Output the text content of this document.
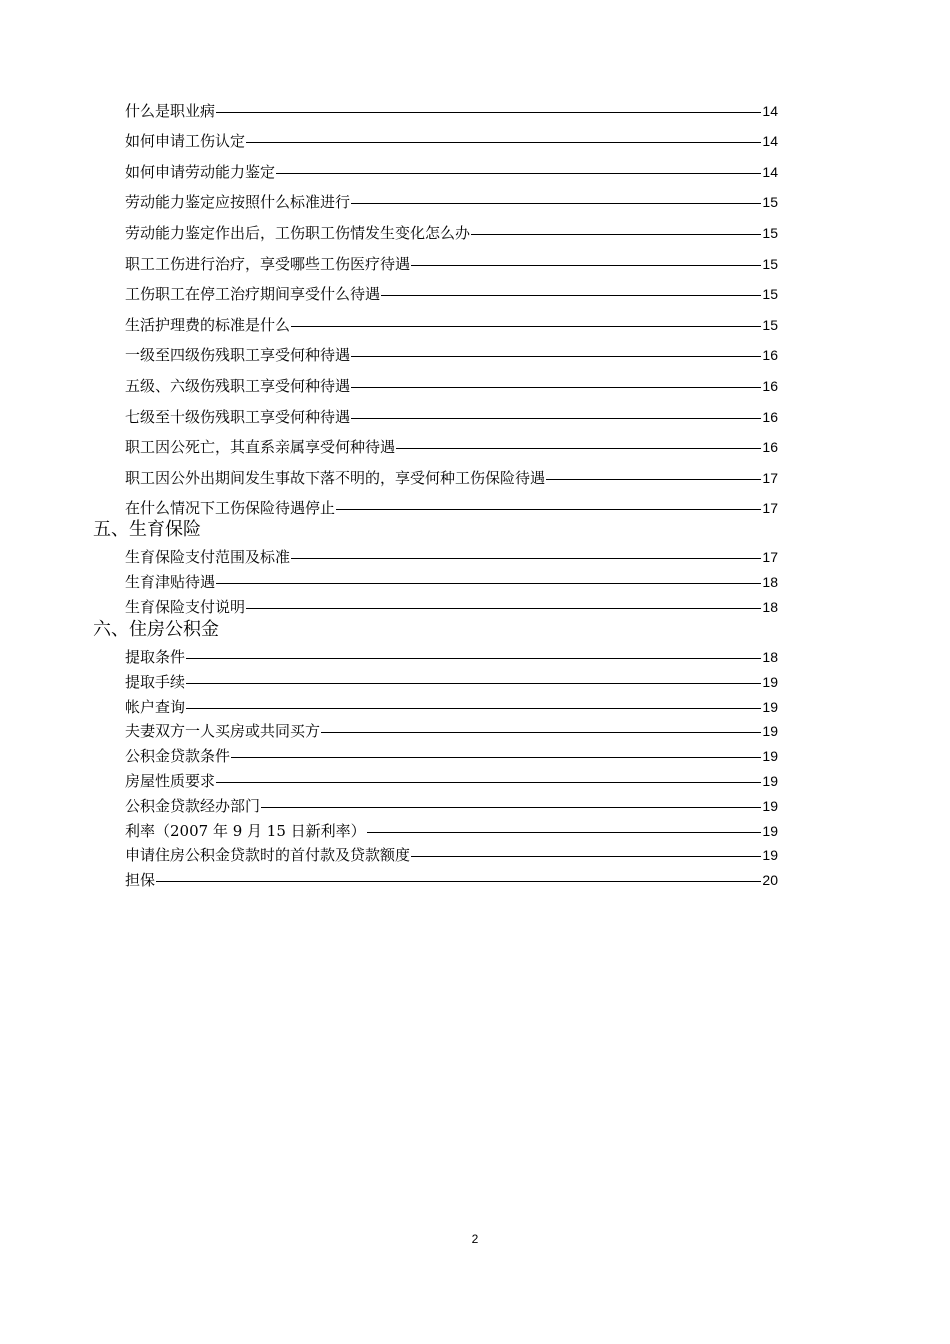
什么是职业病	14
如何申请工伤认定	14
如何申请劳动能力鉴定	14
劳动能力鉴定应按照什么标准进行	15
劳动能力鉴定作出后，工伤职工伤情发生变化怎么办	15
职工工伤进行治疗，享受哪些工伤医疗待遇	15
工伤职工在停工治疗期间享受什么待遇	15
生活护理费的标准是什么	15
一级至四级伤残职工享受何种待遇	16
五级、六级伤残职工享受何种待遇	16
七级至十级伤残职工享受何种待遇	16
职工因公死亡，其直系亲属享受何种待遇	16
职工因公外出期间发生事故下落不明的，享受何种工伤保险待遇	17
在什么情况下工伤保险待遇停止	17
五、生育保险
生育保险支付范围及标准	17
生育津贴待遇	18
生育保险支付说明	18
六、住房公积金
提取条件	18
提取手续	19
帐户查询	19
夫妻双方一人买房或共同买方	19
公积金贷款条件	19
房屋性质要求	19
公积金贷款经办部门	19
利率（2007 年 9 月 15 日新利率）	19
申请住房公积金贷款时的首付款及贷款额度	19
担保	20
2
